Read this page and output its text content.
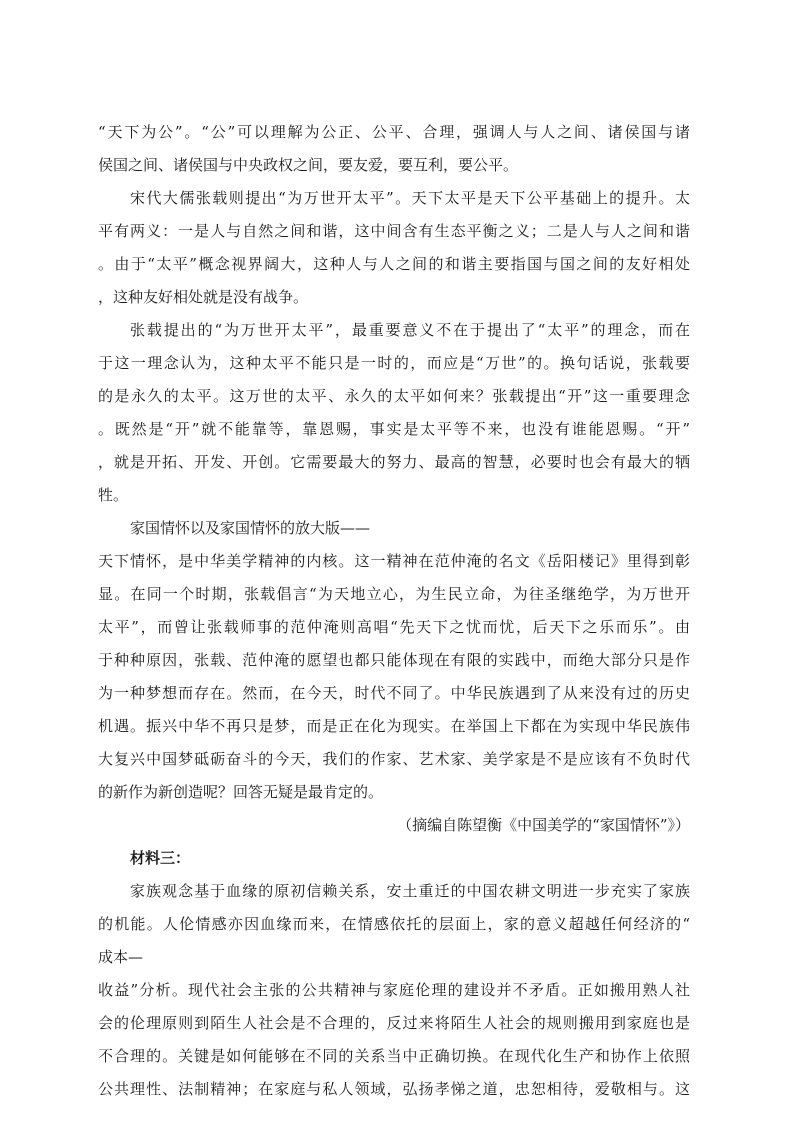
“天下为公”。“公”可以理解为公正、公平、合理，强调人与人之间、诸侯国与诸
侯国之间、诸侯国与中央政权之间，要友爱，要互利，要公平。
宋代大儒张载则提出“为万世开太平”。天下太平是天下公平基础上的提升。太
平有两义：一是人与自然之间和谐，这中间含有生态平衡之义；二是人与人之间和谐
。由于“太平”概念视界阔大，这种人与人之间的和谐主要指国与国之间的友好相处
，这种友好相处就是没有战争。
张载提出的“为万世开太平”，最重要意义不在于提出了“太平”的理念，而在
于这一理念认为，这种太平不能只是一时的，而应是“万世”的。换句话说，张载要
的是永久的太平。这万世的太平、永久的太平如何来？张载提出“开”这一重要理念
。既然是“开”就不能靠等，靠恩赐，事实是太平等不来，也没有谁能恩赐。“开”
，就是开拓、开发、开创。它需要最大的努力、最高的智慧，必要时也会有最大的牺
牲。
家国情怀以及家国情怀的放大版——
天下情怀，是中华美学精神的内核。这一精神在范仲淹的名文《岳阳楼记》里得到彰
显。在同一个时期，张载倡言“为天地立心，为生民立命，为往圣继绝学，为万世开
太平”，而曾让张载师事的范仲淹则高唱“先天下之忧而忧，后天下之乐而乐”。由
于种种原因，张载、范仲淹的愿望也都只能体现在有限的实践中，而绝大部分只是作
为一种梦想而存在。然而，在今天，时代不同了。中华民族遇到了从来没有过的历史
机遇。振兴中华不再只是梦，而是正在化为现实。在举国上下都在为实现中华民族伟
大复兴中国梦砥砺奋斗的今天，我们的作家、艺术家、美学家是不是应该有不负时代
的新作为新创造呢？回答无疑是最肯定的。
（摘编自陈望衡《中国美学的“家国情怀”》）
材料三：
家族观念基于血缘的原初信赖关系，安土重迁的中国农耕文明进一步充实了家族
的机能。人伦情感亦因血缘而来，在情感依托的层面上，家的意义超越任何经济的“
成本—
收益”分析。现代社会主张的公共精神与家庭伦理的建设并不矛盾。正如搬用熟人社
会的伦理原则到陌生人社会是不合理的，反过来将陌生人社会的规则搬用到家庭也是
不合理的。关键是如何能够在不同的关系当中正确切换。在现代化生产和协作上依照
公共理性、法制精神；在家庭与私人领域，弘扬孝悌之道，忠恕相待，爱敬相与。这
